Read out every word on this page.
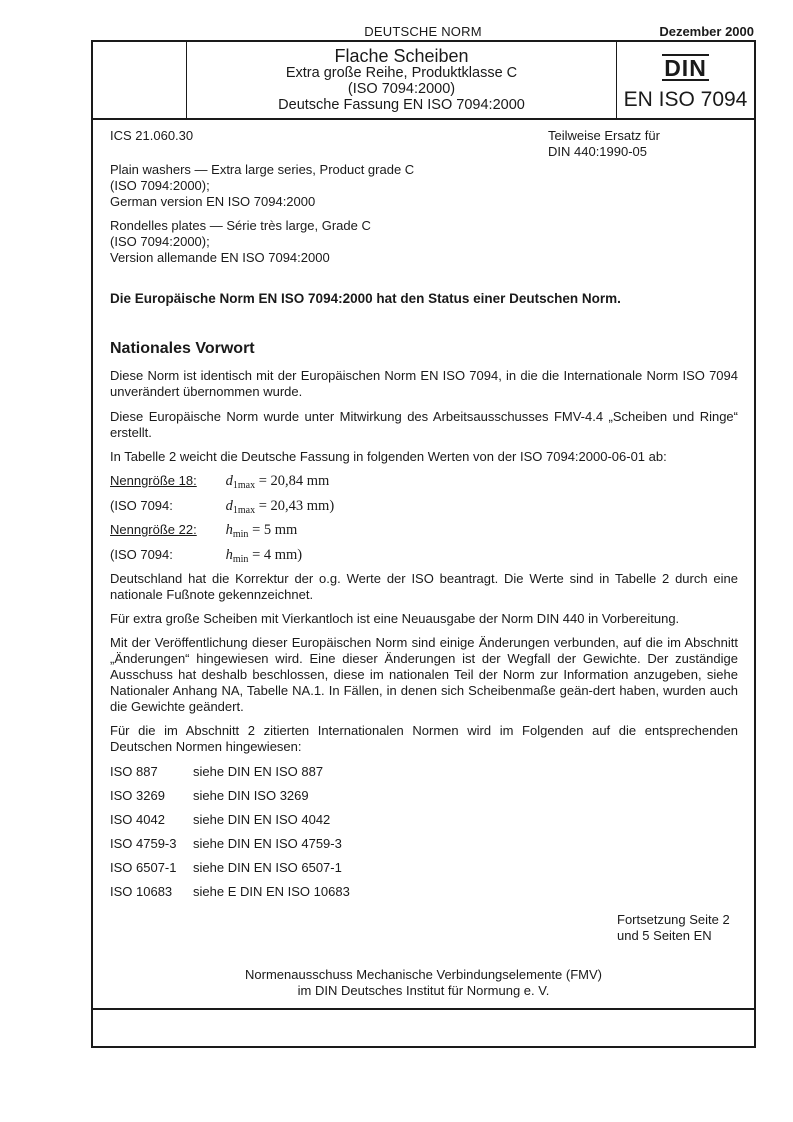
DEUTSCHE NORM	Dezember 2000
Flache Scheiben
Extra große Reihe, Produktklasse C
(ISO 7094:2000)
Deutsche Fassung EN ISO 7094:2000
DIN
EN ISO 7094
ICS 21.060.30	Teilweise Ersatz für
DIN 440:1990-05
Plain washers — Extra large series, Product grade C
(ISO 7094:2000);
German version EN ISO 7094:2000
Rondelles plates — Série très large, Grade C
(ISO 7094:2000);
Version allemande EN ISO 7094:2000
Die Europäische Norm EN ISO 7094:2000 hat den Status einer Deutschen Norm.
Nationales Vorwort
Diese Norm ist identisch mit der Europäischen Norm EN ISO 7094, in die die Internationale Norm ISO 7094 unverändert übernommen wurde.
Diese Europäische Norm wurde unter Mitwirkung des Arbeitsausschusses FMV-4.4 „Scheiben und Ringe“ erstellt.
In Tabelle 2 weicht die Deutsche Fassung in folgenden Werten von der ISO 7094:2000-06-01 ab:
Nenngröße 18: $d_{1max} = 20,84$ mm
(ISO 7094:	$d_{1max} = 20,43$ mm)
Nenngröße 22: $h_{min} = 5$ mm
(ISO 7094:	$h_{min} = 4$ mm)
Deutschland hat die Korrektur der o.g. Werte der ISO beantragt. Die Werte sind in Tabelle 2 durch eine nationale Fußnote gekennzeichnet.
Für extra große Scheiben mit Vierkantloch ist eine Neuausgabe der Norm DIN 440 in Vorbereitung.
Mit der Veröffentlichung dieser Europäischen Norm sind einige Änderungen verbunden, auf die im Abschnitt „Änderungen“ hingewiesen wird. Eine dieser Änderungen ist der Wegfall der Gewichte. Der zuständige Ausschuss hat deshalb beschlossen, diese im nationalen Teil der Norm zur Information anzugeben, siehe Nationaler Anhang NA, Tabelle NA.1. In Fällen, in denen sich Scheibenmaße geän-dert haben, wurden auch die Gewichte geändert.
Für die im Abschnitt 2 zitierten Internationalen Normen wird im Folgenden auf die entsprechenden Deutschen Normen hingewiesen:
ISO 887	siehe DIN EN ISO 887
ISO 3269 siehe DIN ISO 3269
ISO 4042 siehe DIN EN ISO 4042
ISO 4759-3 siehe DIN EN ISO 4759-3
ISO 6507-1 siehe DIN EN ISO 6507-1
ISO 10683 siehe E DIN EN ISO 10683
Fortsetzung Seite 2
und 5 Seiten EN
Normenausschuss Mechanische Verbindungselemente (FMV)
im DIN Deutsches Institut für Normung e. V.
